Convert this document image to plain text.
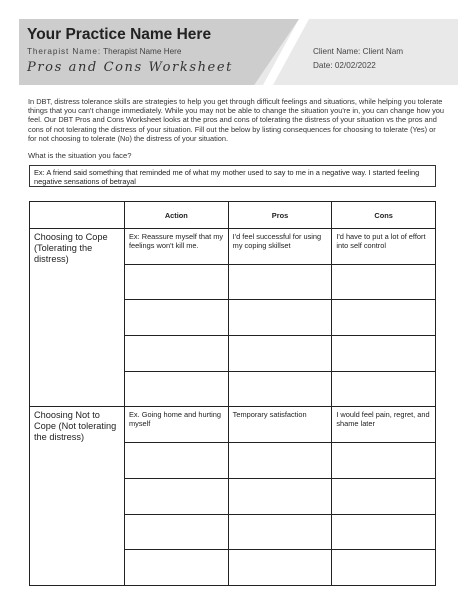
Your Practice Name Here
Therapist Name: Therapist Name Here
Pros and Cons Worksheet
Client Name: Client Nam
Date: 02/02/2022

In DBT, distress tolerance skills are strategies to help you get through difficult feelings and situations, while helping you tolerate things that you can't change immediately. While you may not be able to change the situation you're in, you can change how you feel. Our DBT Pros and Cons Worksheet looks at the pros and cons of tolerating the distress of your situation vs the pros and cons of not tolerating the distress of your situation. Fill out the below by listing consequences for choosing to tolerate (Yes) or for not choosing to tolerate (No) the distress of your situation.

What is the situation you face?
Ex: A friend said something that reminded me of what my mother used to say to me in a negative way. I started feeling negative sensations of betrayal
	Action	Pros	Cons
Choosing to Cope (Tolerating the distress)	Ex: Reassure myself that my feelings won't kill me.	I'd feel successful for using my coping skillset	I'd have to put a lot of effort into self control

Choosing Not to Cope (Not tolerating the distress)	Ex. Going home and hurting myself	Temporary satisfaction	I would feel pain, regret, and shame later
